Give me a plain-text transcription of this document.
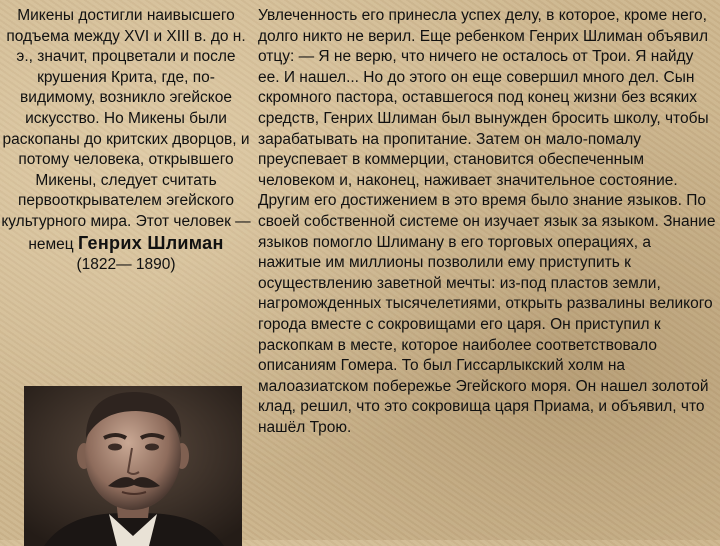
Микены достигли наивысшего подъема между XVI и XIII в. до н. э., значит, процветали и после крушения Крита, где, по-видимому, возникло эгейское искусство. Но Микены были раскопаны до критских дворцов, и потому человека, открывшего Микены, следует считать первооткрывателем эгейского культурного мира. Этот человек —

немец Генрих Шлиман

(1822— 1890)

Увлеченность его принесла успех делу, в которое, кроме него, долго никто не верил. Еще ребенком Генрих Шлиман объявил отцу: — Я не верю, что ничего не осталось от Трои. Я найду ее. И нашел... Но до этого он еще совершил много дел. Сын скромного пастора, оставшегося под конец жизни без всяких средств, Генрих Шлиман был вынужден бросить школу, чтобы зарабатывать на пропитание. Затем он мало-помалу преуспевает в коммерции, становится обеспеченным человеком и, наконец, наживает значительное состояние. Другим его достижением в это время было знание языков. По своей собственной системе он изучает язык за языком. Знание языков помогло Шлиману в его торговых операциях, а нажитые им миллионы позволили ему приступить к осуществлению заветной мечты: из-под пластов земли, нагроможденных тысячелетиями, открыть развалины великого города вместе с сокровищами его царя. Он приступил к раскопкам в месте, которое наиболее соответствовало описаниям Гомера. То был Гиссарлыкский холм на малоазиатском побережье Эгейского моря. Он нашел золотой клад, решил, что это сокровища царя Приама, и объявил, что нашёл Трою.
